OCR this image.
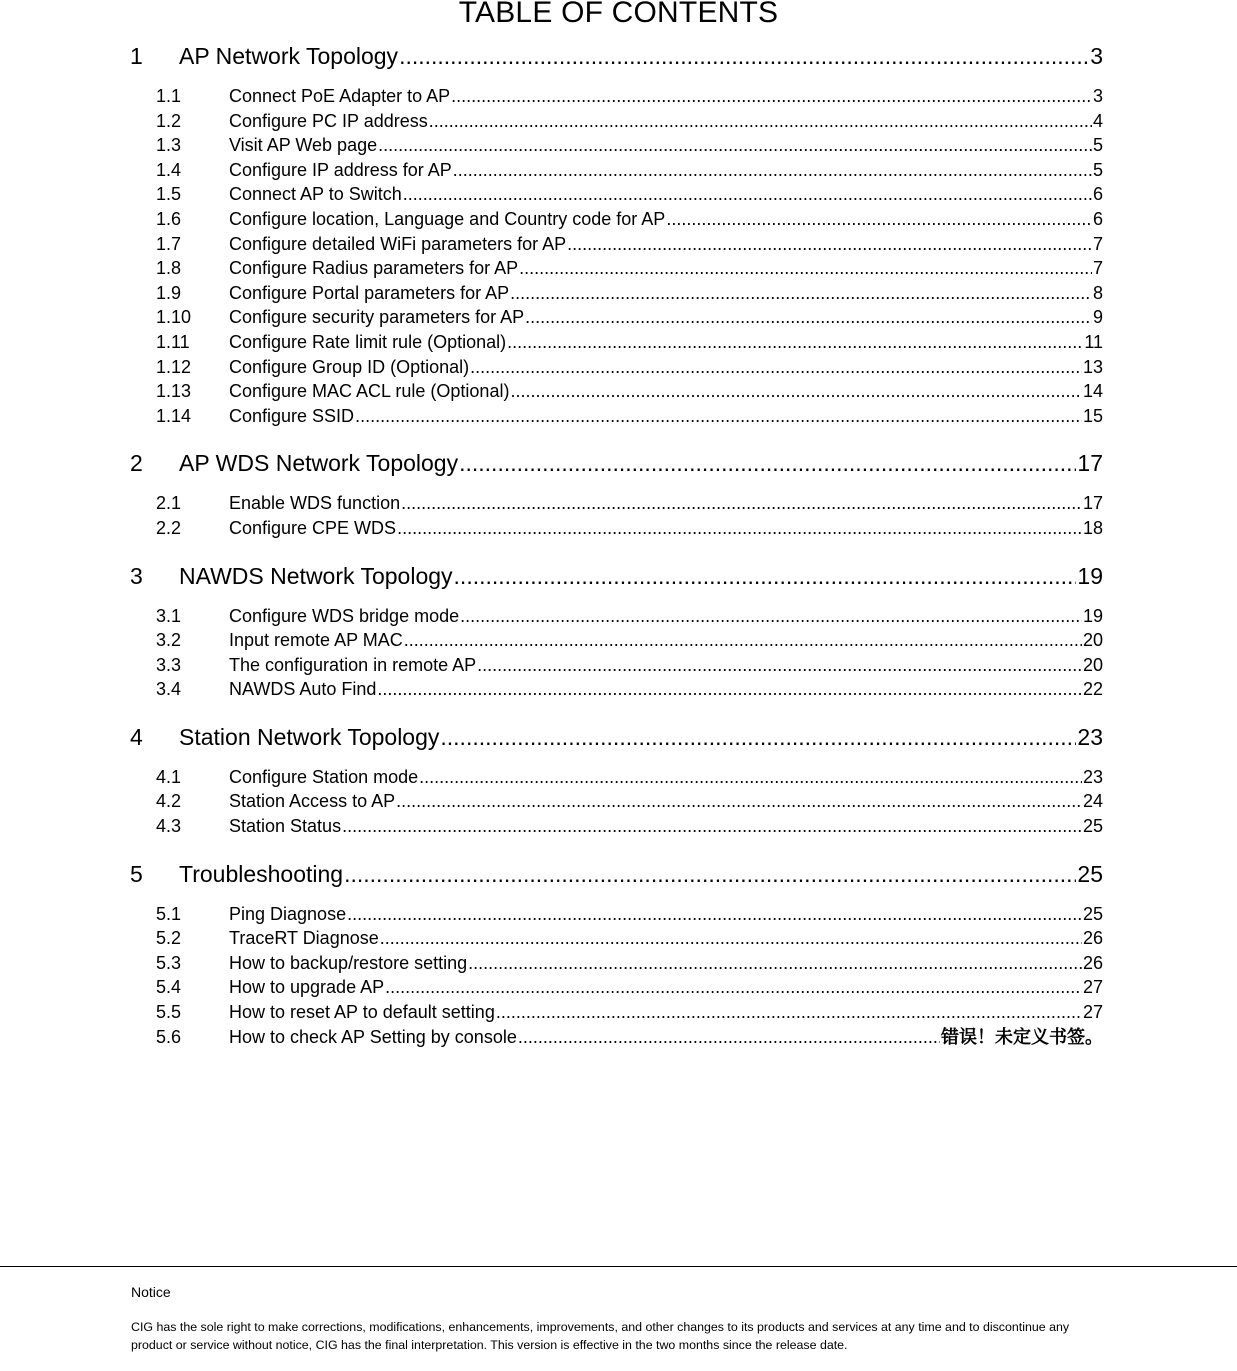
TABLE OF CONTENTS
1	AP Network Topology .....	3
1.1	Connect PoE Adapter to AP .....	3
1.2	Configure PC IP address .....	4
1.3	Visit AP Web page .....	5
1.4	Configure IP address for AP .....	5
1.5	Connect AP to Switch .....	6
1.6	Configure location, Language and Country code for AP .....	6
1.7	Configure detailed WiFi parameters for AP .....	7
1.8	Configure Radius parameters for AP .....	7
1.9	Configure Portal parameters for AP .....	8
1.10	Configure security parameters for AP .....	9
1.11	Configure Rate limit rule (Optional) .....	11
1.12	Configure Group ID (Optional) .....	13
1.13	Configure MAC ACL rule (Optional) .....	14
1.14	Configure SSID .....	15
2	AP WDS Network Topology .....	17
2.1	Enable WDS function .....	17
2.2	Configure CPE WDS .....	18
3	NAWDS Network Topology .....	19
3.1	Configure WDS bridge mode .....	19
3.2	Input remote AP MAC .....	20
3.3	The configuration in remote AP .....	20
3.4	NAWDS Auto Find .....	22
4	Station Network Topology .....	23
4.1	Configure Station mode .....	23
4.2	Station Access to AP .....	24
4.3	Station Status .....	25
5	Troubleshooting .....	25
5.1	Ping Diagnose .....	25
5.2	TraceRT Diagnose .....	26
5.3	How to backup/restore setting .....	26
5.4	How to upgrade AP .....	27
5.5	How to reset AP to default setting .....	27
5.6	How to check AP Setting by console .....	错误！未定义书签。
Notice
CIG has the sole right to make corrections, modifications, enhancements, improvements, and other changes to its products and services at any time and to discontinue any product or service without notice, CIG has the final interpretation. This version is effective in the two months since the release date.
